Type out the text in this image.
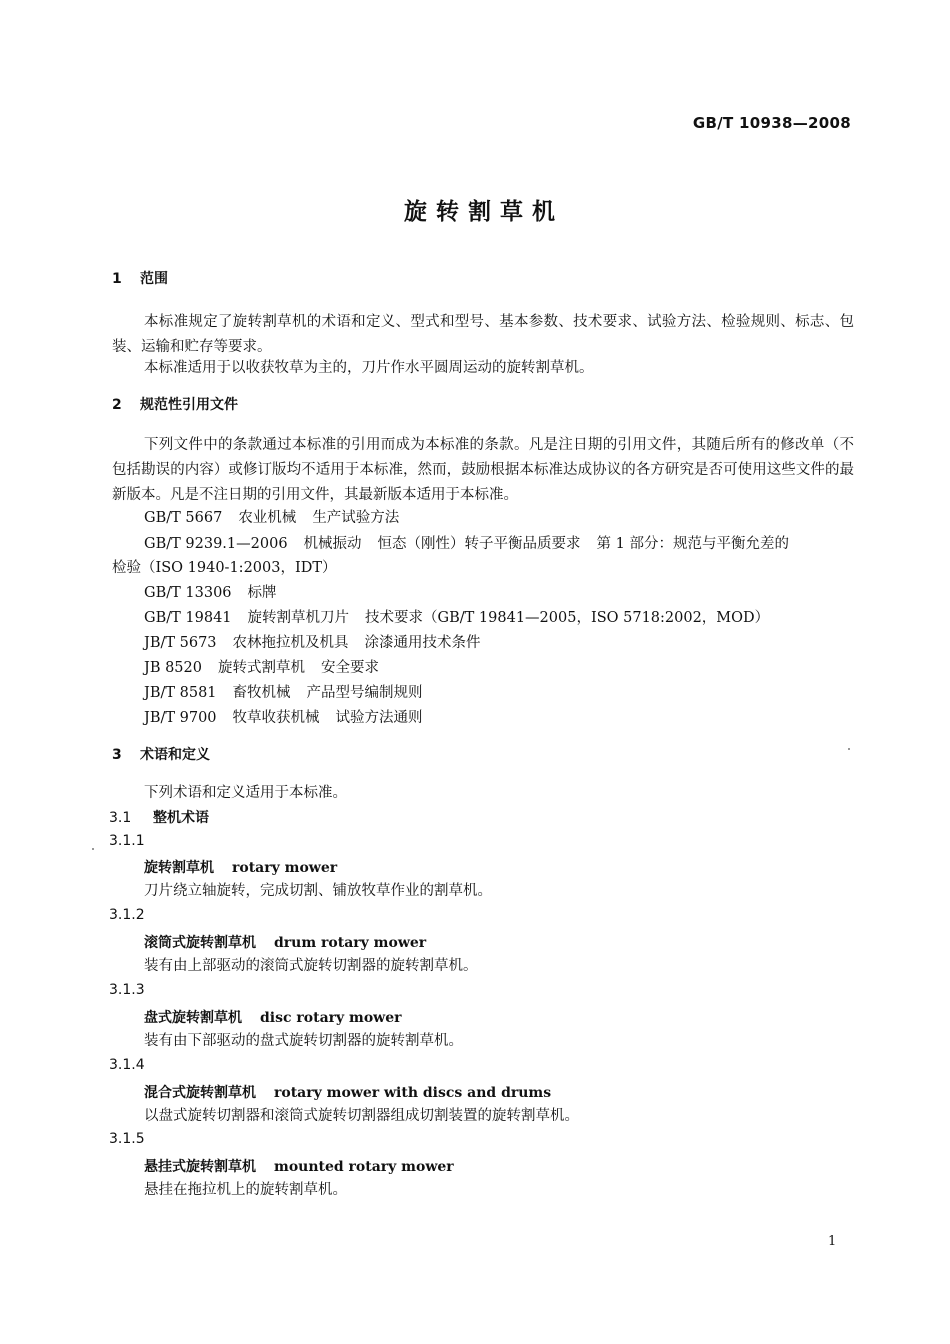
GB/T 10938—2008
旋转割草机
1 范围
本标准规定了旋转割草机的术语和定义、型式和型号、基本参数、技术要求、试验方法、检验规则、标志、包装、运输和贮存等要求。
本标准适用于以收获牧草为主的，刀片作水平圆周运动的旋转割草机。
2 规范性引用文件
下列文件中的条款通过本标准的引用而成为本标准的条款。凡是注日期的引用文件，其随后所有的修改单（不包括勘误的内容）或修订版均不适用于本标准，然而，鼓励根据本标准达成协议的各方研究是否可使用这些文件的最新版本。凡是不注日期的引用文件，其最新版本适用于本标准。
GB/T 5667 农业机械 生产试验方法
GB/T 9239.1—2006 机械振动 恒态（刚性）转子平衡品质要求 第 1 部分：规范与平衡允差的
检验（ISO 1940-1:2003，IDT）
GB/T 13306 标牌
GB/T 19841 旋转割草机刀片 技术要求（GB/T 19841—2005，ISO 5718:2002，MOD）
JB/T 5673 农林拖拉机及机具 涂漆通用技术条件
JB 8520 旋转式割草机 安全要求
JB/T 8581 畜牧机械 产品型号编制规则
JB/T 9700 牧草收获机械 试验方法通则
3 术语和定义
下列术语和定义适用于本标准。
3.1 整机术语
3.1.1
旋转割草机 rotary mower
刀片绕立轴旋转，完成切割、铺放牧草作业的割草机。
3.1.2
滚筒式旋转割草机 drum rotary mower
装有由上部驱动的滚筒式旋转切割器的旋转割草机。
3.1.3
盘式旋转割草机 disc rotary mower
装有由下部驱动的盘式旋转切割器的旋转割草机。
3.1.4
混合式旋转割草机 rotary mower with discs and drums
以盘式旋转切割器和滚筒式旋转切割器组成切割装置的旋转割草机。
3.1.5
悬挂式旋转割草机 mounted rotary mower
悬挂在拖拉机上的旋转割草机。
1
